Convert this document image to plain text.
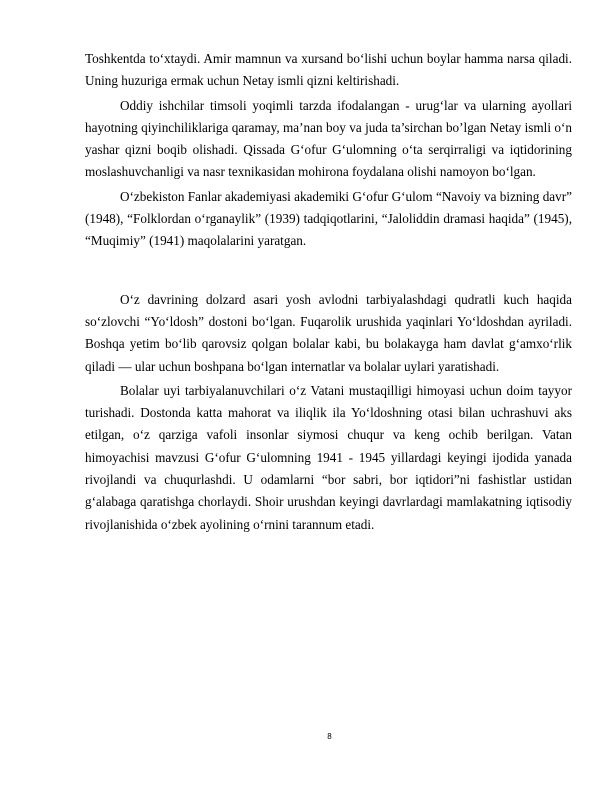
Toshkentda to‘xtaydi. Amir mamnun va xursand bo‘lishi uchun boylar hamma narsa qiladi. Uning huzuriga ermak uchun Netay ismli qizni keltirishadi.

Oddiy ishchilar timsoli yoqimli tarzda ifodalangan - urug‘lar va ularning ayollari hayotning qiyinchiliklariga qaramay, ma’nan boy va juda ta’sirchan bo’lgan Netay ismli o‘n yashar qizni boqib olishadi. Qissada G‘ofur G‘ulomning o‘ta serqirraligi va iqtidorining moslashuvchanligi va nasr texnikasidan mohirona foydalana olishi namoyon bo‘lgan.

O‘zbekiston Fanlar akademiyasi akademiki G‘ofur G‘ulom “Navoiy va bizning davr” (1948), “Folklordan o‘rganaylik” (1939) tadqiqotlarini, “Jaloliddin dramasi haqida” (1945), “Muqimiy” (1941) maqolalarini yaratgan.

O‘z davrining dolzard asari yosh avlodni tarbiyalashdagi qudratli kuch haqida so‘zlovchi “Yo‘ldosh” dostoni bo‘lgan. Fuqarolik urushida yaqinlari Yo‘ldoshdan ayriladi. Boshqa yetim bo‘lib qarovsiz qolgan bolalar kabi, bu bolakayga ham davlat g‘amxo‘rlik qiladi — ular uchun boshpana bo‘lgan internatlar va bolalar uylari yaratishadi.

Bolalar uyi tarbiyalanuvchilari o‘z Vatani mustaqilligi himoyasi uchun doim tayyor turishadi. Dostonda katta mahorat va iliqlik ila Yo‘ldoshning otasi bilan uchrashuvi aks etilgan, o‘z qarziga vafoli insonlar siymosi chuqur va keng ochib berilgan. Vatan himoyachisi mavzusi G‘ofur G‘ulomning 1941 - 1945 yillardagi keyingi ijodida yanada rivojlandi va chuqurlashdi. U odamlarni “bor sabri, bor iqtidori”ni fashistlar ustidan g‘alabaga qaratishga chorlaydi. Shoir urushdan keyingi davrlardagi mamlakatning iqtisodiy rivojlanishida o‘zbek ayolining o‘rnini tarannum etadi.

8
